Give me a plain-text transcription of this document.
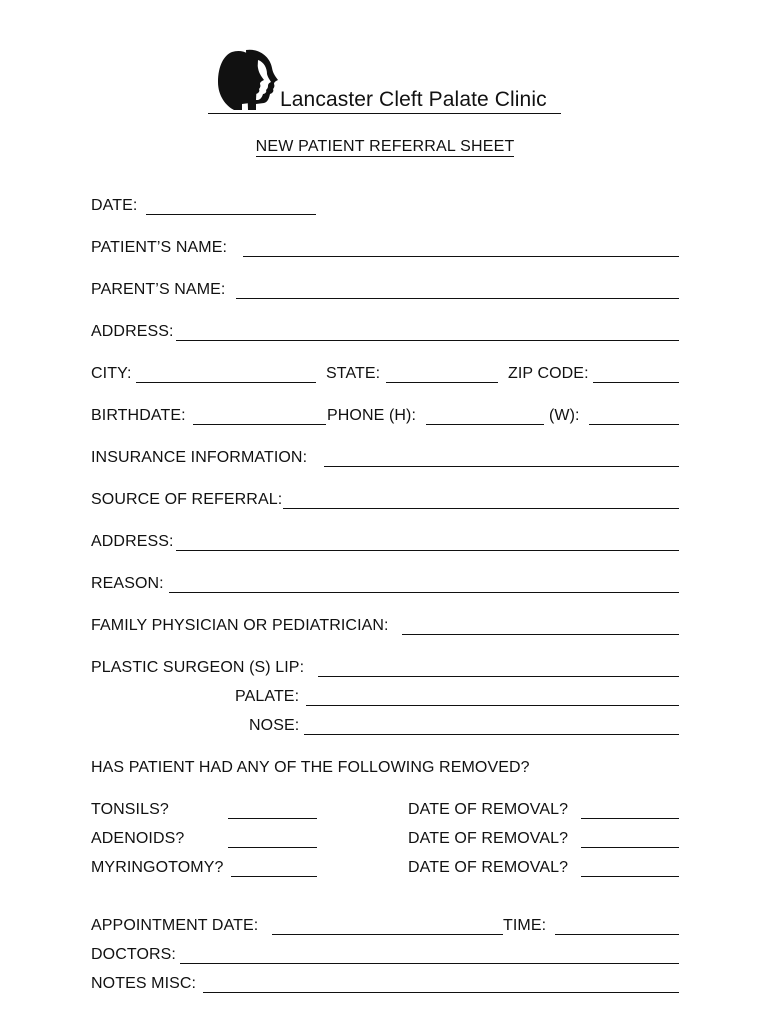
Lancaster Cleft Palate Clinic
NEW PATIENT REFERRAL SHEET
DATE:
PATIENT’S NAME:
PARENT’S NAME:
ADDRESS:
CITY:	STATE:	ZIP CODE:
BIRTHDATE:	PHONE (H):	(W):
INSURANCE INFORMATION:
SOURCE OF REFERRAL:
ADDRESS:
REASON:
FAMILY PHYSICIAN OR PEDIATRICIAN:
PLASTIC SURGEON (S) LIP:
PALATE:
NOSE:
HAS PATIENT HAD ANY OF THE FOLLOWING REMOVED?
TONSILS?	DATE OF REMOVAL?
ADENOIDS?	DATE OF REMOVAL?
MYRINGOTOMY?	DATE OF REMOVAL?
APPOINTMENT DATE:	TIME:
DOCTORS:
NOTES MISC:
